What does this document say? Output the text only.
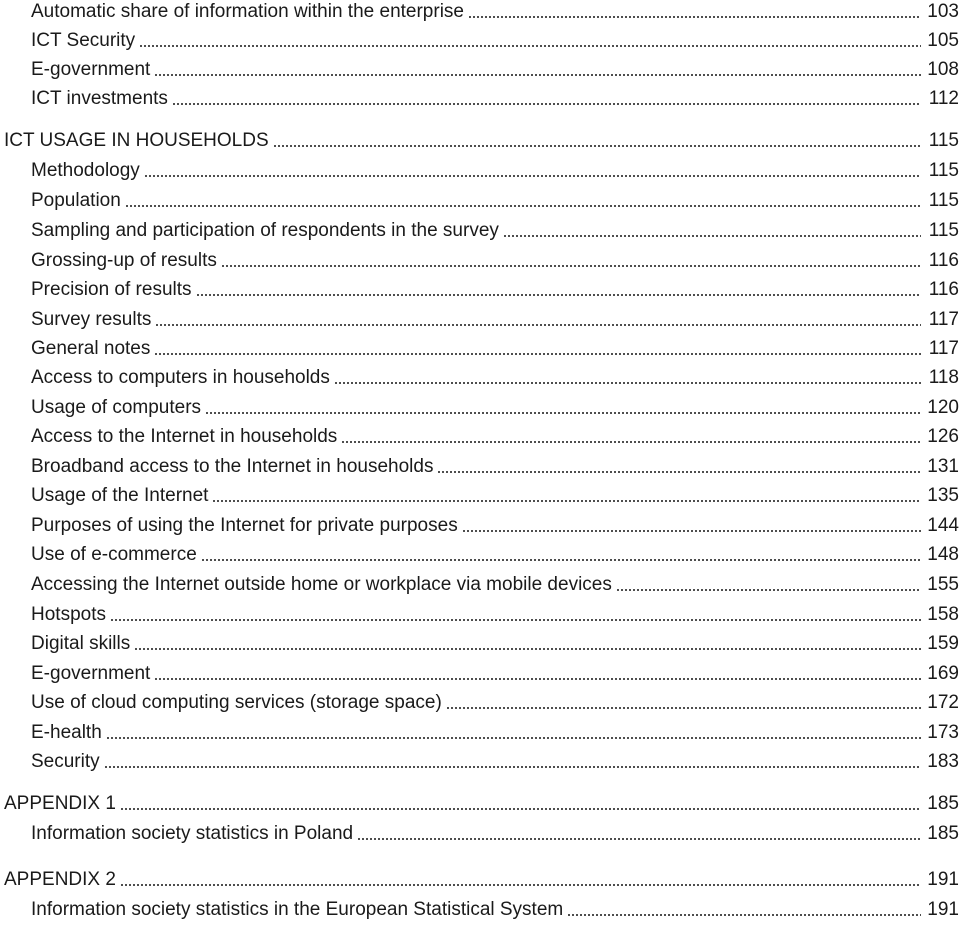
Automatic share of information within the enterprise	103
ICT Security	105
E-government	108
ICT investments	112
ICT USAGE IN HOUSEHOLDS	115
Methodology	115
Population	115
Sampling and participation of respondents in the survey	115
Grossing-up of results	116
Precision of results	116
Survey results	117
General notes	117
Access to computers in households	118
Usage of computers	120
Access to the Internet in households	126
Broadband access to the Internet in households	131
Usage of the Internet	135
Purposes of using the Internet for private purposes	144
Use of e-commerce	148
Accessing the Internet outside home or workplace via mobile devices	155
Hotspots	158
Digital skills	159
E-government	169
Use of cloud computing services (storage space)	172
E-health	173
Security	183
APPENDIX 1	185
Information society statistics in Poland	185
APPENDIX 2	191
Information society statistics in the European Statistical System	191
